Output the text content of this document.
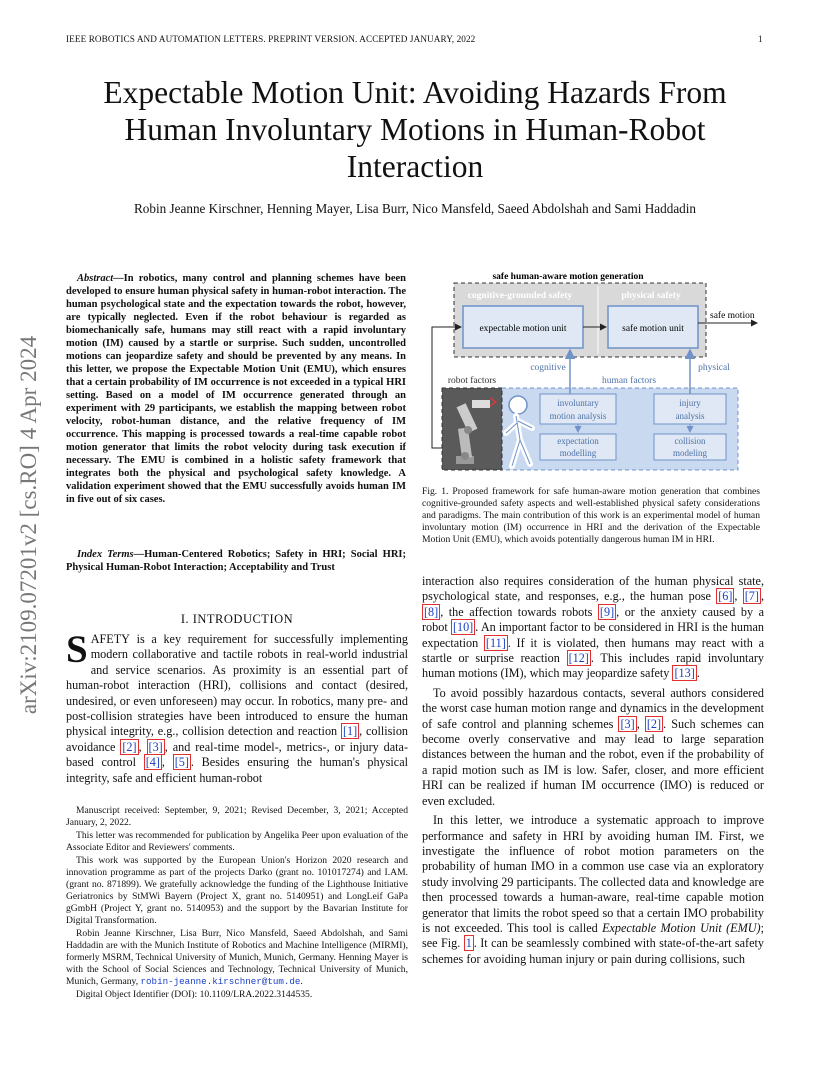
IEEE ROBOTICS AND AUTOMATION LETTERS. PREPRINT VERSION. ACCEPTED JANUARY, 2022	1
Expectable Motion Unit: Avoiding Hazards From Human Involuntary Motions in Human-Robot Interaction
Robin Jeanne Kirschner, Henning Mayer, Lisa Burr, Nico Mansfeld, Saeed Abdolshah and Sami Haddadin
arXiv:2109.07201v2 [cs.RO] 4 Apr 2024
Abstract—In robotics, many control and planning schemes have been developed to ensure human physical safety in human-robot interaction. The human psychological state and the expectation towards the robot, however, are typically neglected. Even if the robot behaviour is regarded as biomechanically safe, humans may still react with a rapid involuntary motion (IM) caused by a startle or surprise. Such sudden, uncontrolled motions can jeopardize safety and should be prevented by any means. In this letter, we propose the Expectable Motion Unit (EMU), which ensures that a certain probability of IM occurrence is not exceeded in a typical HRI setting. Based on a model of IM occurrence generated through an experiment with 29 participants, we establish the mapping between robot velocity, robot-human distance, and the relative frequency of IM occurrence. This mapping is processed towards a real-time capable robot motion generator that limits the robot velocity during task execution if necessary. The EMU is combined in a holistic safety framework that integrates both the physical and psychological safety knowledge. A validation experiment showed that the EMU successfully avoids human IM in five out of six cases.
Index Terms—Human-Centered Robotics; Safety in HRI; Social HRI; Physical Human-Robot Interaction; Acceptability and Trust
I. INTRODUCTION
SAFETY is a key requirement for successfully implementing modern collaborative and tactile robots in real-world industrial and service scenarios. As proximity is an essential part of human-robot interaction (HRI), collisions and contact (desired, undesired, or even unforeseen) may occur. In robotics, many pre- and post-collision strategies have been introduced to ensure the human physical integrity, e.g., collision detection and reaction [1] , collision avoidance [2] , [3] , and real-time model-, metrics-, or injury data-based control [4] , [5] . Besides ensuring the human's physical integrity, safe and efficient human-robot

Manuscript received: September, 9, 2021; Revised December, 3, 2021; Accepted January, 2, 2022.

This letter was recommended for publication by Angelika Peer upon evaluation of the Associate Editor and Reviewers' comments.

This work was supported by the European Union's Horizon 2020 research and innovation programme as part of the projects Darko (grant no. 101017274) and I.AM. (grant no. 871899). We gratefully acknowledge the funding of the Lighthouse Initiative Geriatronics by StMWi Bayern (Project X, grant no. 5140951) and LongLeif GaPa gGmbH (Project Y, grant no. 5140953) and the support by the Bavarian Institute for Digital Transformation.

Robin Jeanne Kirschner, Lisa Burr, Nico Mansfeld, Saeed Abdolshah, and Sami Haddadin are with the Munich Institute of Robotics and Machine Intelligence (MIRMI), formerly MSRM, Technical University of Munich, Munich, Germany. Henning Mayer is with the School of Social Sciences and Technology, Technical University of Munich, Munich, Germany, robin-jeanne.kirschner@tum.de.

Digital Object Identifier (DOI): 10.1109/LRA.2022.3144535.

safe human-aware motion generation
cognitive-grounded safety	physical safety
expectable motion unit	safe motion unit
safe motion
robot factors	human factors
cognitive	physical
involuntary
motion analysis
injury
analysis
expectation
modelling
collision
modeling
Fig. 1. Proposed framework for safe human-aware motion generation that combines cognitive-grounded safety aspects and well-established physical safety considerations and paradigms. The main contribution of this work is an experimental model of human involuntary motion (IM) occurrence in HRI and the derivation of the Expectable Motion Unit (EMU), which avoids potentially dangerous human IM in HRI.

interaction also requires consideration of the human physical state, psychological state, and responses, e.g., the human pose [6] , [7] , [8] , the affection towards robots [9] , or the anxiety caused by a robot [10] . An important factor to be considered in HRI is the human expectation [11] . If it is violated, then humans may react with a startle or surprise reaction [12] . This includes rapid involuntary human motions (IM), which may jeopardize safety [13] .

To avoid possibly hazardous contacts, several authors considered the worst case human motion range and dynamics in the development of safe control and planning schemes [3] , [2] . Such schemes can become overly conservative and may lead to large separation distances between the human and the robot, even if the probability of a rapid motion such as IM is low. Safer, closer, and more efficient HRI can be realized if human IM occurrence (IMO) is reduced or even excluded.

In this letter, we introduce a systematic approach to improve performance and safety in HRI by avoiding human IM. First, we investigate the influence of robot motion parameters on the probability of human IMO in a common use case via an exploratory study involving 29 participants. The collected data and knowledge are then processed towards a human-aware, real-time capable motion generator that limits the robot speed so that a certain IMO probability is not exceeded. This tool is called Expectable Motion Unit (EMU); see Fig. 1 . It can be seamlessly combined with state-of-the-art safety schemes for avoiding human injury or pain during collisions, such
